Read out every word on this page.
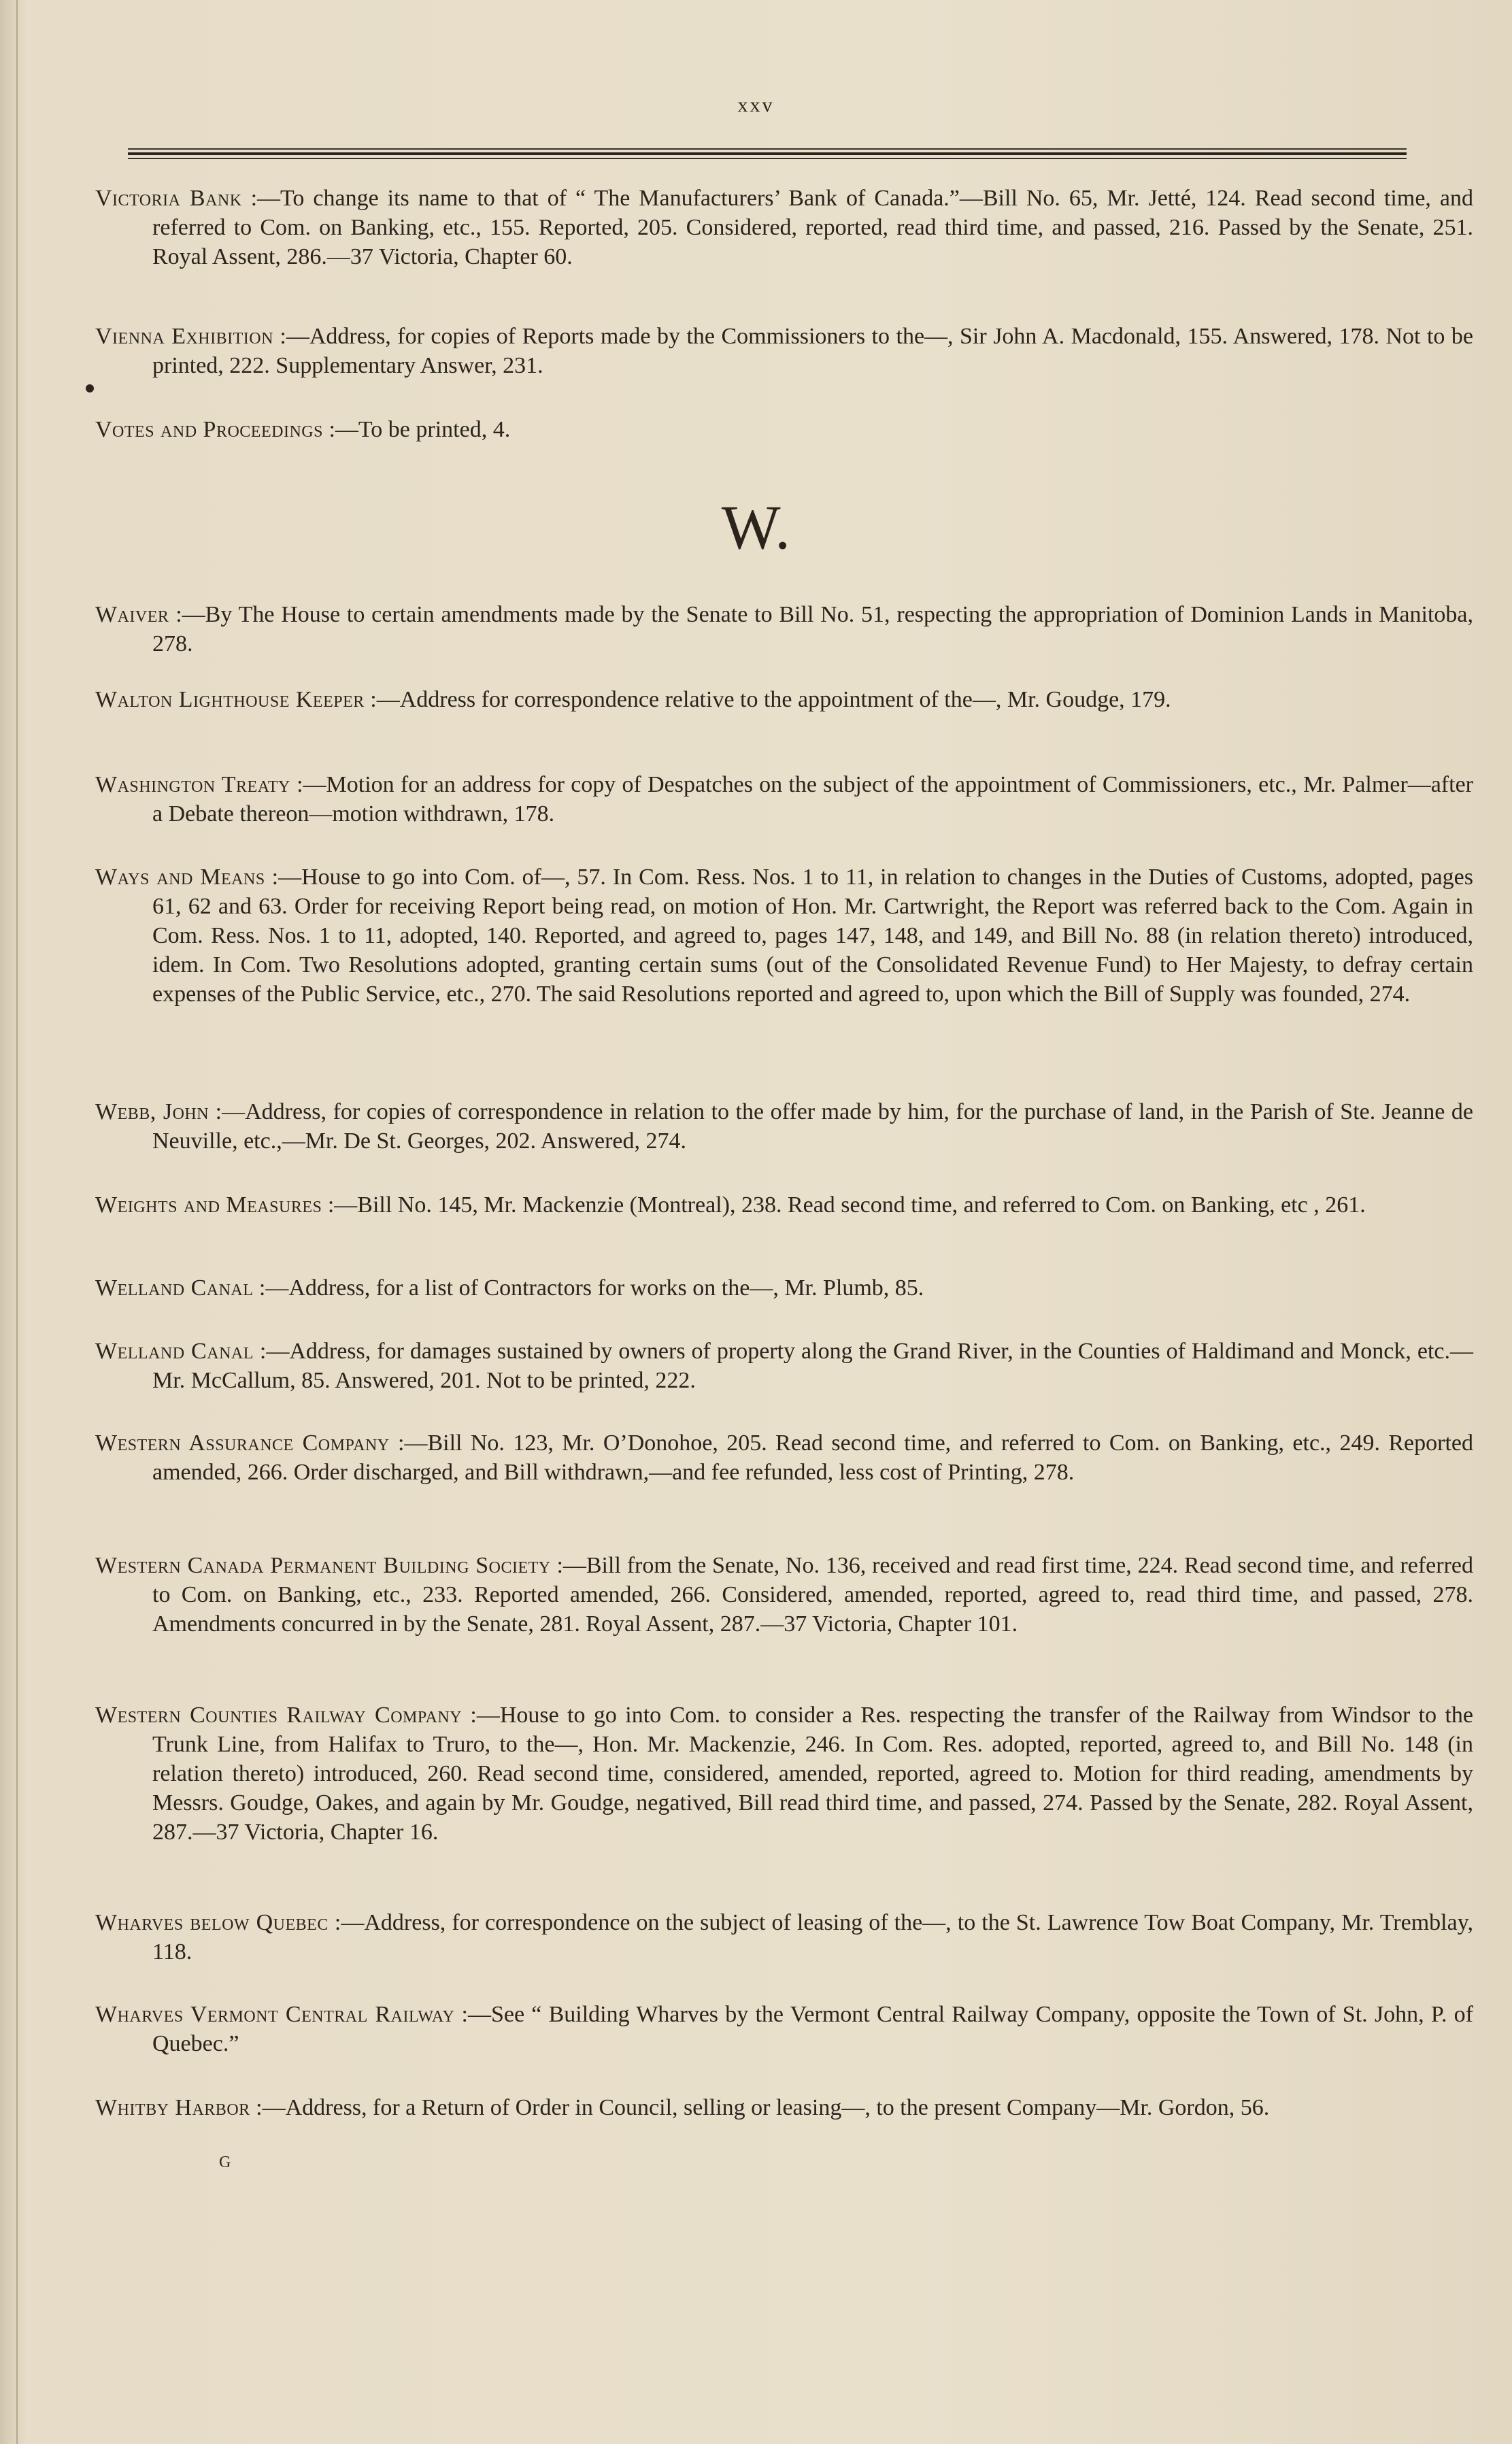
xxv
Victoria Bank :—To change its name to that of “ The Manufacturers’ Bank of Canada.”—Bill No. 65, Mr. Jetté, 124. Read second time, and referred to Com. on Banking, etc., 155. Reported, 205. Considered, reported, read third time, and passed, 216. Passed by the Senate, 251. Royal Assent, 286.—37 Victoria, Chapter 60.
Vienna Exhibition :—Address, for copies of Reports made by the Commissioners to the—, Sir John A. Macdonald, 155. Answered, 178. Not to be printed, 222. Supplementary Answer, 231.
Votes and Proceedings :—To be printed, 4.
W.
Waiver :—By The House to certain amendments made by the Senate to Bill No. 51, respecting the appropriation of Dominion Lands in Manitoba, 278.
Walton Lighthouse Keeper :—Address for correspondence relative to the appointment of the—, Mr. Goudge, 179.
Washington Treaty :—Motion for an address for copy of Despatches on the subject of the appointment of Commissioners, etc., Mr. Palmer—after a Debate thereon—motion withdrawn, 178.
Ways and Means :—House to go into Com. of—, 57. In Com. Ress. Nos. 1 to 11, in relation to changes in the Duties of Customs, adopted, pages 61, 62 and 63. Order for receiving Report being read, on motion of Hon. Mr. Cartwright, the Report was referred back to the Com. Again in Com. Ress. Nos. 1 to 11, adopted, 140. Reported, and agreed to, pages 147, 148, and 149, and Bill No. 88 (in relation thereto) introduced, idem. In Com. Two Resolutions adopted, granting certain sums (out of the Consolidated Revenue Fund) to Her Majesty, to defray certain expenses of the Public Service, etc., 270. The said Resolutions reported and agreed to, upon which the Bill of Supply was founded, 274.
Webb, John :—Address, for copies of correspondence in relation to the offer made by him, for the purchase of land, in the Parish of Ste. Jeanne de Neuville, etc.,—Mr. De St. Georges, 202. Answered, 274.
Weights and Measures :—Bill No. 145, Mr. Mackenzie (Montreal), 238. Read second time, and referred to Com. on Banking, etc , 261.
Welland Canal :—Address, for a list of Contractors for works on the—, Mr. Plumb, 85.
Welland Canal :—Address, for damages sustained by owners of property along the Grand River, in the Counties of Haldimand and Monck, etc.—Mr. McCallum, 85. Answered, 201. Not to be printed, 222.
Western Assurance Company :—Bill No. 123, Mr. O’Donohoe, 205. Read second time, and referred to Com. on Banking, etc., 249. Reported amended, 266. Order discharged, and Bill withdrawn,—and fee refunded, less cost of Printing, 278.
Western Canada Permanent Building Society :—Bill from the Senate, No. 136, received and read first time, 224. Read second time, and referred to Com. on Banking, etc., 233. Reported amended, 266. Considered, amended, reported, agreed to, read third time, and passed, 278. Amendments concurred in by the Senate, 281. Royal Assent, 287.—37 Victoria, Chapter 101.
Western Counties Railway Company :—House to go into Com. to consider a Res. respecting the transfer of the Railway from Windsor to the Trunk Line, from Halifax to Truro, to the—, Hon. Mr. Mackenzie, 246. In Com. Res. adopted, reported, agreed to, and Bill No. 148 (in relation thereto) introduced, 260. Read second time, considered, amended, reported, agreed to. Motion for third reading, amendments by Messrs. Goudge, Oakes, and again by Mr. Goudge, negatived, Bill read third time, and passed, 274. Passed by the Senate, 282. Royal Assent, 287.—37 Victoria, Chapter 16.
Wharves below Quebec :—Address, for correspondence on the subject of leasing of the—, to the St. Lawrence Tow Boat Company, Mr. Tremblay, 118.
Wharves Vermont Central Railway :—See “ Building Wharves by the Vermont Central Railway Company, opposite the Town of St. John, P. of Quebec.”
Whitby Harbor :—Address, for a Return of Order in Council, selling or leasing—, to the present Company—Mr. Gordon, 56.
G
